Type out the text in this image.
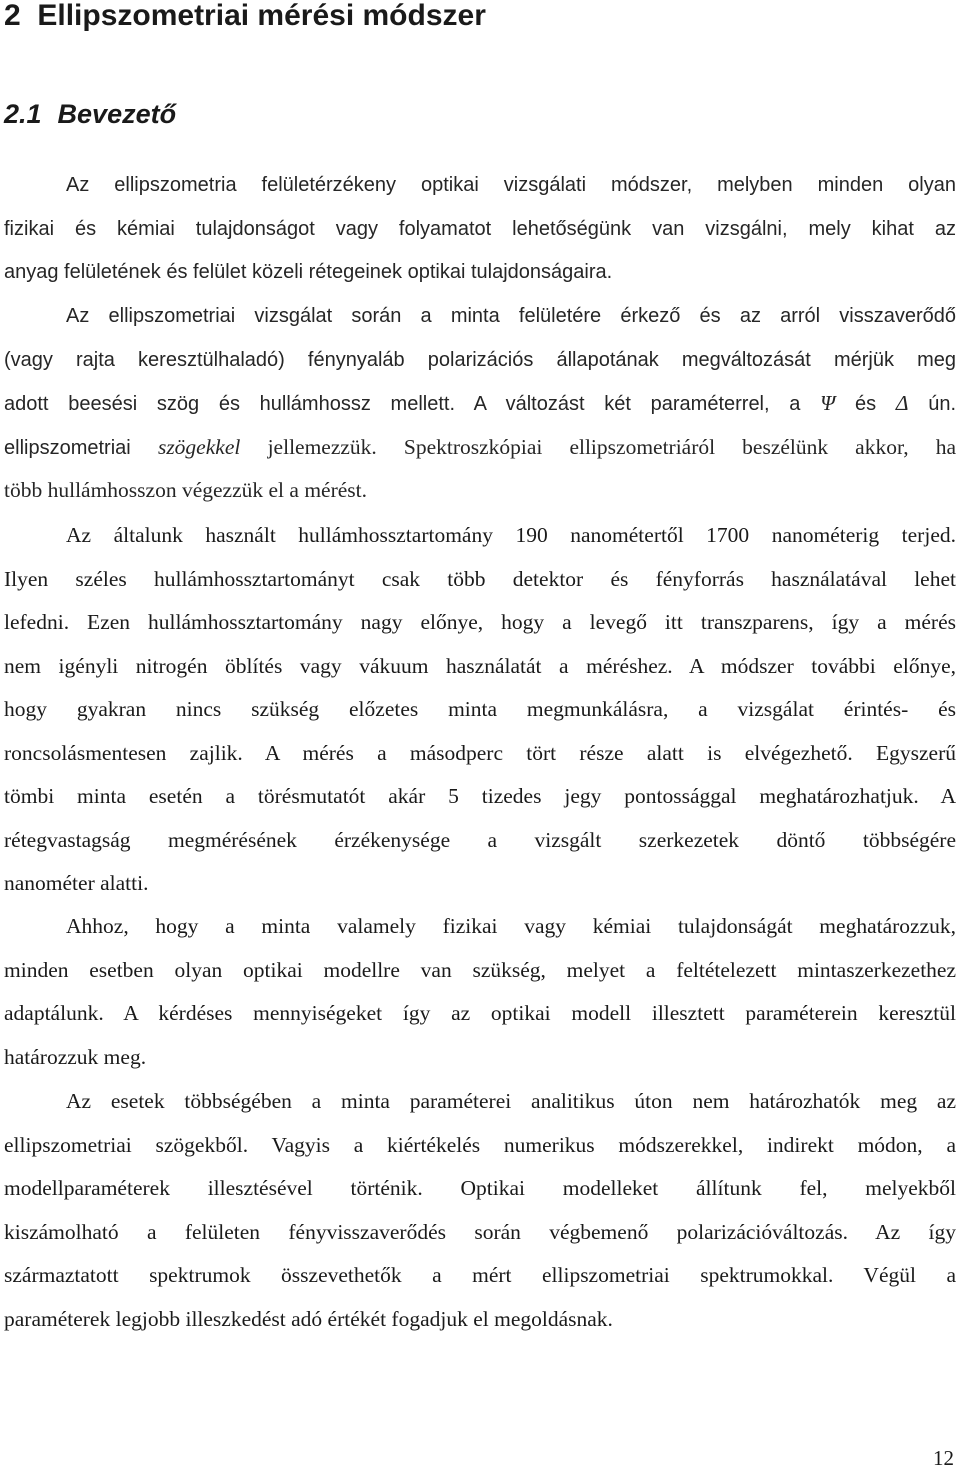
2 Ellipszometriai mérési módszer
2.1 Bevezető
Az ellipszometria felületérzékeny optikai vizsgálati módszer, melyben minden olyan
fizikai és kémiai tulajdonságot vagy folyamatot lehetőségünk van vizsgálni, mely kihat az
anyag felületének és felület közeli rétegeinek optikai tulajdonságaira.
Az ellipszometriai vizsgálat során a minta felületére érkező és az arról visszaverődő
(vagy rajta keresztülhaladó) fénynyaláb polarizációs állapotának megváltozását mérjük meg
adott beesési szög és hullámhossz mellett. A változást két paraméterrel, a Ψ és Δ ún.
ellipszometriai szögekkel jellemezzük. Spektroszkópiai ellipszometriáról beszélünk akkor, ha
több hullámhosszon végezzük el a mérést.
Az általunk használt hullámhossztartomány 190 nanométertől 1700 nanométerig terjed.
Ilyen széles hullámhossztartományt csak több detektor és fényforrás használatával lehet
lefedni. Ezen hullámhossztartomány nagy előnye, hogy a levegő itt transzparens, így a mérés
nem igényli nitrogén öblítés vagy vákuum használatát a méréshez. A módszer további előnye,
hogy gyakran nincs szükség előzetes minta megmunkálásra, a vizsgálat érintés- és
roncsolásmentesen zajlik. A mérés a másodperc tört része alatt is elvégezhető. Egyszerű
tömbi minta esetén a törésmutatót akár 5 tizedes jegy pontossággal meghatározhatjuk. A
rétegvastagság megmérésének érzékenysége a vizsgált szerkezetek döntő többségére
nanométer alatti.
Ahhoz, hogy a minta valamely fizikai vagy kémiai tulajdonságát meghatározzuk,
minden esetben olyan optikai modellre van szükség, melyet a feltételezett mintaszerkezethez
adaptálunk. A kérdéses mennyiségeket így az optikai modell illesztett paraméterein keresztül
határozzuk meg.
Az esetek többségében a minta paraméterei analitikus úton nem határozhatók meg az
ellipszometriai szögekből. Vagyis a kiértékelés numerikus módszerekkel, indirekt módon, a
modellparaméterek illesztésével történik. Optikai modelleket állítunk fel, melyekből
kiszámolható a felületen fényvisszaverődés során végbemenő polarizációváltozás. Az így
származtatott spektrumok összevethetők a mért ellipszometriai spektrumokkal. Végül a
paraméterek legjobb illeszkedést adó értékét fogadjuk el megoldásnak.

12
